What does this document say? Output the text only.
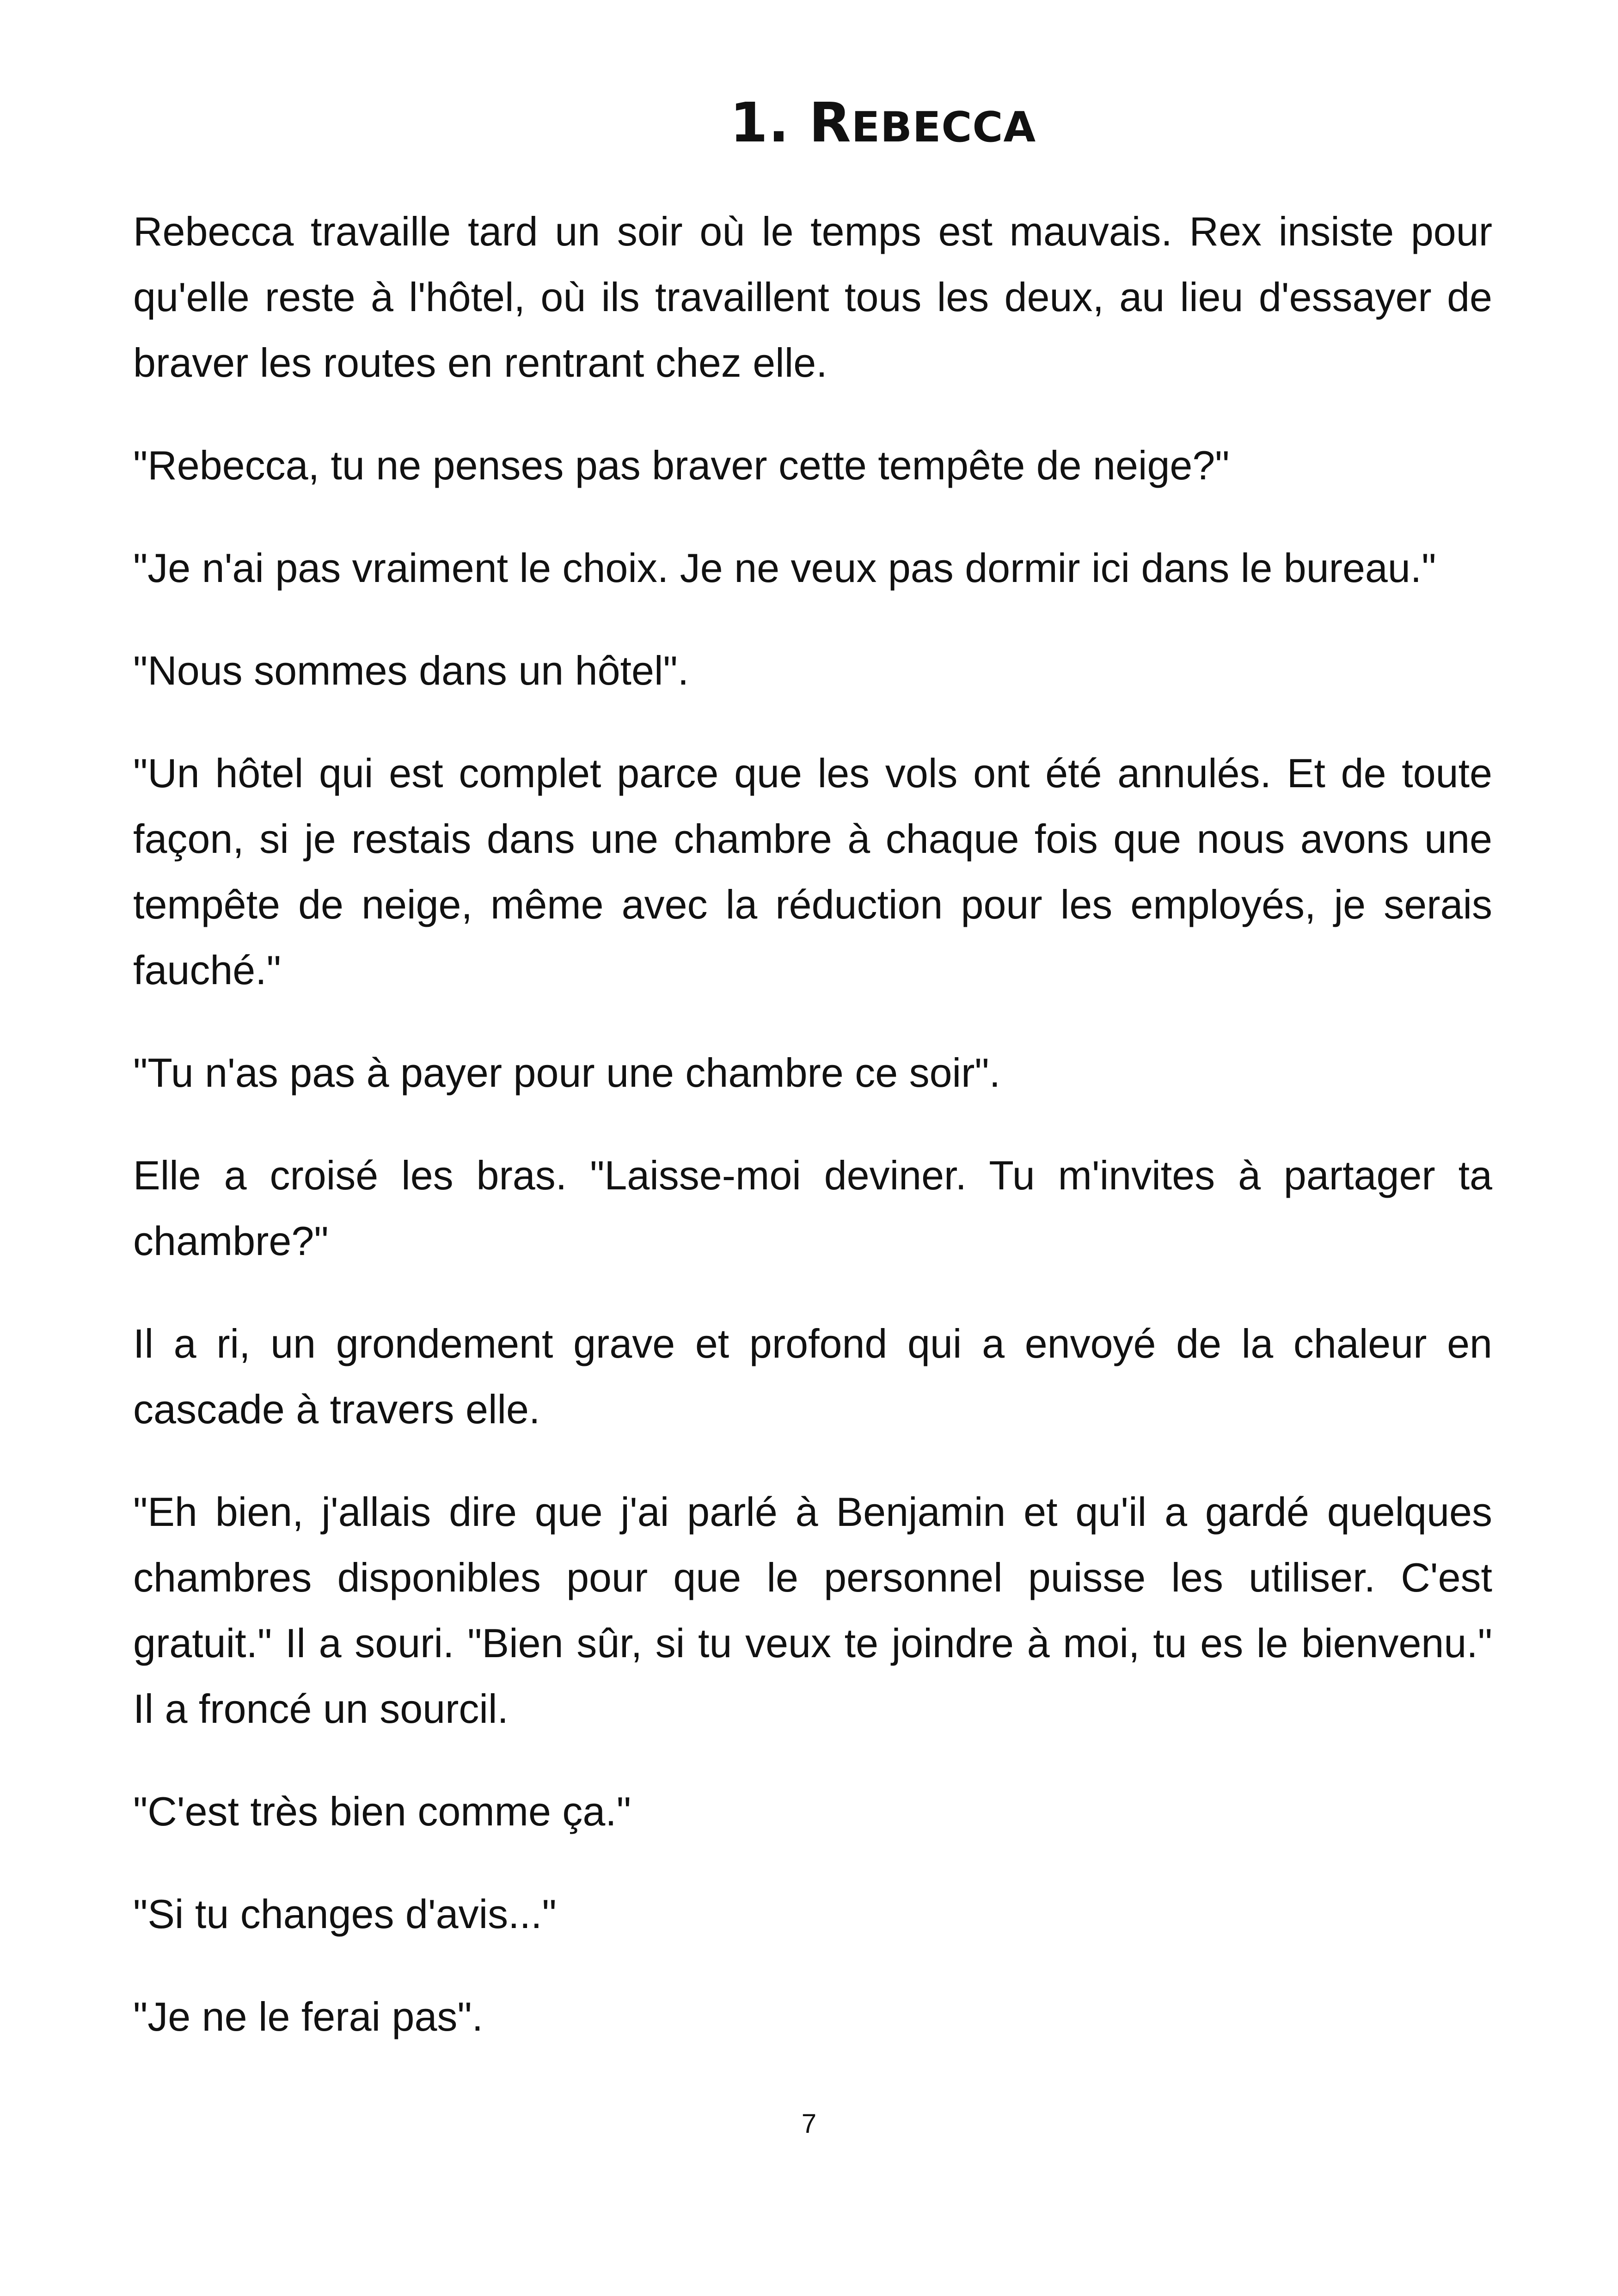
1. REBECCA

Rebecca travaille tard un soir où le temps est mauvais. Rex insiste pour qu'elle reste à l'hôtel, où ils travaillent tous les deux, au lieu d'essayer de braver les routes en rentrant chez elle.

"Rebecca, tu ne penses pas braver cette tempête de neige?"

"Je n'ai pas vraiment le choix. Je ne veux pas dormir ici dans le bureau."

"Nous sommes dans un hôtel".

"Un hôtel qui est complet parce que les vols ont été annulés. Et de toute façon, si je restais dans une chambre à chaque fois que nous avons une tempête de neige, même avec la réduction pour les employés, je serais fauché."

"Tu n'as pas à payer pour une chambre ce soir".

Elle a croisé les bras. "Laisse-moi deviner. Tu m'invites à partager ta chambre?"

Il a ri, un grondement grave et profond qui a envoyé de la chaleur en cascade à travers elle.

"Eh bien, j'allais dire que j'ai parlé à Benjamin et qu'il a gardé quelques chambres disponibles pour que le personnel puisse les utiliser. C'est gratuit." Il a souri. "Bien sûr, si tu veux te joindre à moi, tu es le bienvenu." Il a froncé un sourcil.

"C'est très bien comme ça."

"Si tu changes d'avis..."

"Je ne le ferai pas".

7
